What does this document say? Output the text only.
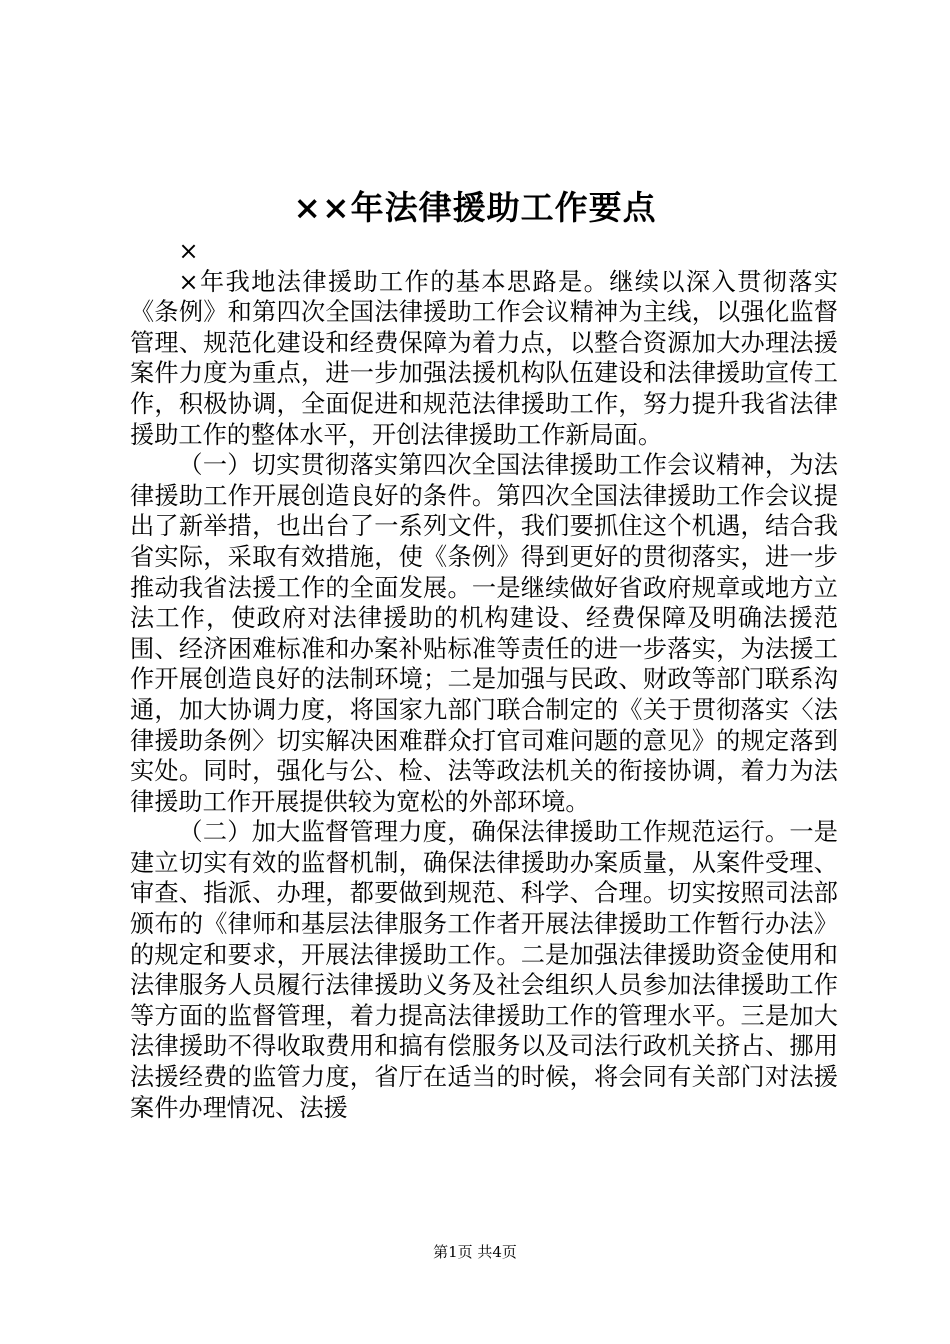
××年法律援助工作要点

×

×年我地法律援助工作的基本思路是。继续以深入贯彻落实《条例》和第四次全国法律援助工作会议精神为主线，以强化监督管理、规范化建设和经费保障为着力点，以整合资源加大办理法援案件力度为重点，进一步加强法援机构队伍建设和法律援助宣传工作，积极协调，全面促进和规范法律援助工作，努力提升我省法律援助工作的整体水平，开创法律援助工作新局面。

（一）切实贯彻落实第四次全国法律援助工作会议精神，为法律援助工作开展创造良好的条件。第四次全国法律援助工作会议提出了新举措，也出台了一系列文件，我们要抓住这个机遇，结合我省实际，采取有效措施，使《条例》得到更好的贯彻落实，进一步推动我省法援工作的全面发展。一是继续做好省政府规章或地方立法工作，使政府对法律援助的机构建设、经费保障及明确法援范围、经济困难标准和办案补贴标准等责任的进一步落实，为法援工作开展创造良好的法制环境；二是加强与民政、财政等部门联系沟通，加大协调力度，将国家九部门联合制定的《关于贯彻落实〈法律援助条例〉切实解决困难群众打官司难问题的意见》的规定落到实处。同时，强化与公、检、法等政法机关的衔接协调，着力为法律援助工作开展提供较为宽松的外部环境。

（二）加大监督管理力度，确保法律援助工作规范运行。一是建立切实有效的监督机制，确保法律援助办案质量，从案件受理、审查、指派、办理，都要做到规范、科学、合理。切实按照司法部颁布的《律师和基层法律服务工作者开展法律援助工作暂行办法》的规定和要求，开展法律援助工作。二是加强法律援助资金使用和法律服务人员履行法律援助义务及社会组织人员参加法律援助工作等方面的监督管理，着力提高法律援助工作的管理水平。三是加大法律援助不得收取费用和搞有偿服务以及司法行政机关挤占、挪用法援经费的监管力度，省厅在适当的时候，将会同有关部门对法援案件办理情况、法援

第1页 共4页
